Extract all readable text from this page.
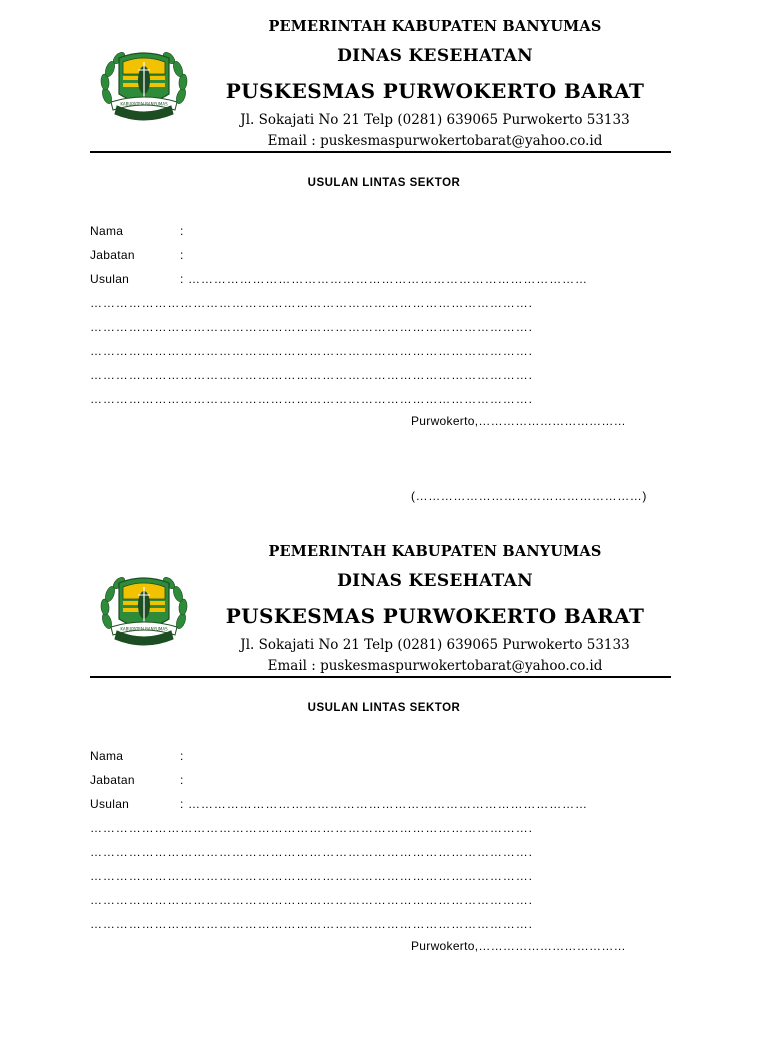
KABUPATEN BANYUMAS
PEMERINTAH KABUPATEN BANYUMAS
DINAS KESEHATAN
PUSKESMAS PURWOKERTO BARAT
Jl. Sokajati No 21 Telp (0281) 639065 Purwokerto 53133
Email : puskesmaspurwokertobarat@yahoo.co.id
USULAN LINTAS SEKTOR
Nama	:
Jabatan	:
Usulan	: …………………………………………………………………………………
………………………………………………………………………………………….
………………………………………………………………………………………….
………………………………………………………………………………………….
………………………………………………………………………………………….
………………………………………………………………………………………….
Purwokerto,………………………………
(………………………………………………)
KABUPATEN BANYUMAS
PEMERINTAH KABUPATEN BANYUMAS
DINAS KESEHATAN
PUSKESMAS PURWOKERTO BARAT
Jl. Sokajati No 21 Telp (0281) 639065 Purwokerto 53133
Email : puskesmaspurwokertobarat@yahoo.co.id
USULAN LINTAS SEKTOR
Nama	:
Jabatan	:
Usulan	: …………………………………………………………………………………
………………………………………………………………………………………….
………………………………………………………………………………………….
………………………………………………………………………………………….
………………………………………………………………………………………….
………………………………………………………………………………………….
Purwokerto,………………………………
